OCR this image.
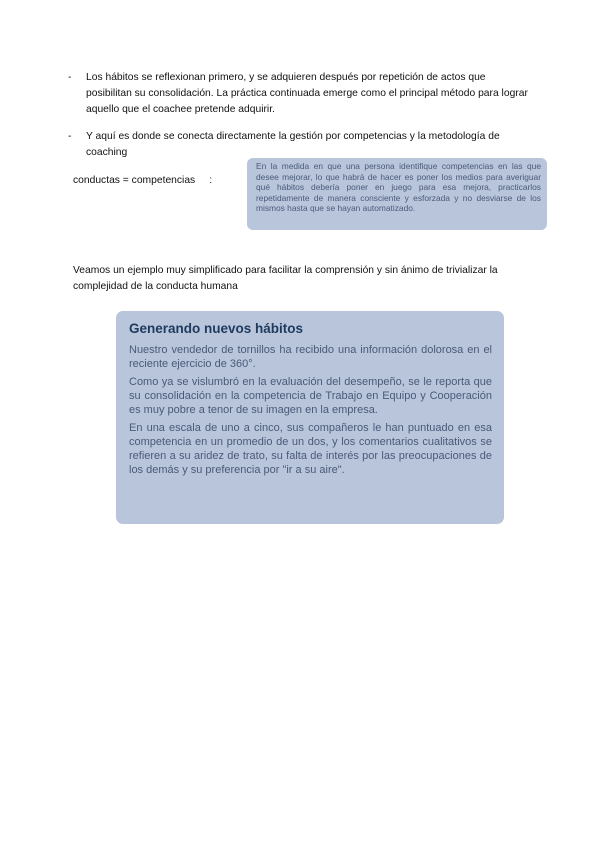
- Los hábitos se reflexionan primero, y se adquieren después por repetición de actos que posibilitan su consolidación. La práctica continuada emerge como el principal método para lograr aquello que el coachee pretende adquirir.
- Y aquí es donde se conecta directamente la gestión por competencias y la metodología de coaching
conductas = competencias :
En la medida en que una persona identifique competencias en las que desee mejorar, lo que habrá de hacer es poner los medios para averiguar qué hábitos debería poner en juego para esa mejora, practicarlos repetidamente de manera consciente y esforzada y no desviarse de los mismos hasta que se hayan automatizado.
Veamos un ejemplo muy simplificado para facilitar la comprensión y sin ánimo de trivializar la complejidad de la conducta humana
Generando nuevos hábitos

Nuestro vendedor de tornillos ha recibido una información dolorosa en el reciente ejercicio de 360°.

Como ya se vislumbró en la evaluación del desempeño, se le reporta que su consolidación en la competencia de Trabajo en Equipo y Cooperación es muy pobre a tenor de su imagen en la empresa.

En una escala de uno a cinco, sus compañeros le han puntuado en esa competencia en un promedio de un dos, y los comentarios cualitativos se refieren a su aridez de trato, su falta de interés por las preocupaciones de los demás y su preferencia por "ir a su aire".
